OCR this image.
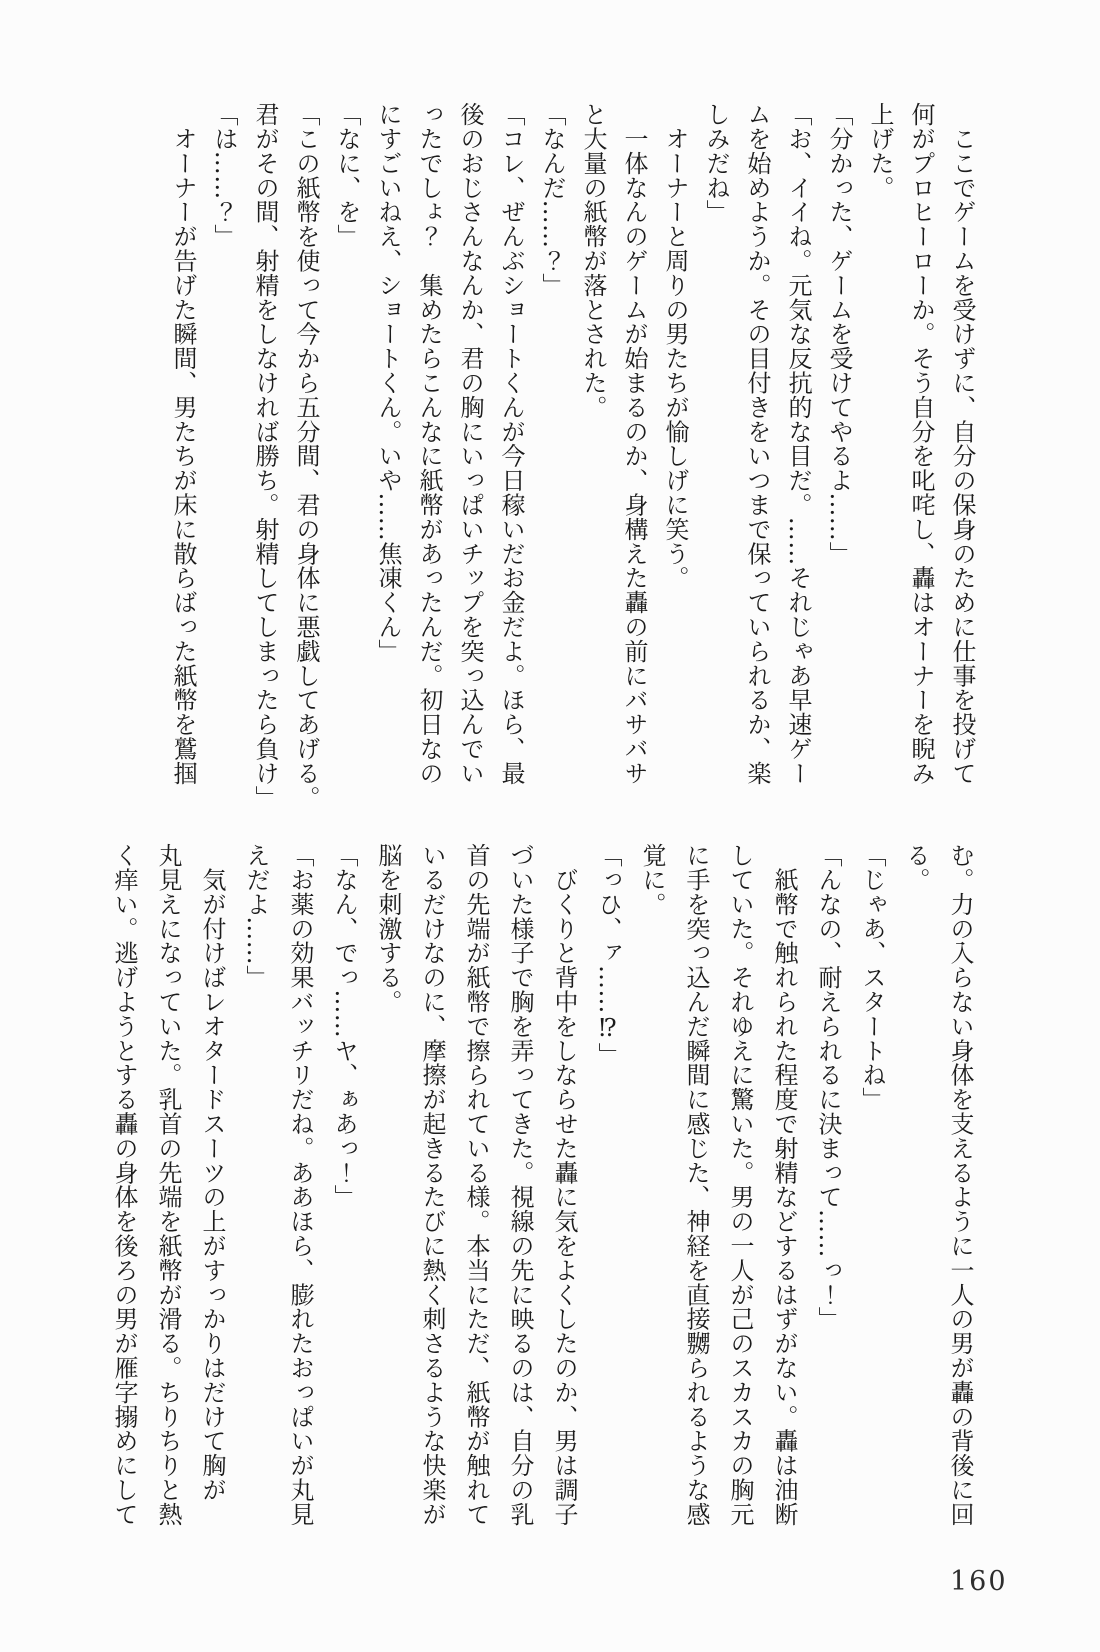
　ここでゲームを受けずに、自分の保身のために仕事を投げて
何がプロヒーローか。そう自分を叱咤し、轟はオーナーを睨み
上げた。
「分かった、ゲームを受けてやるよ……」
「お、イイね。元気な反抗的な目だ。……それじゃあ早速ゲー
ムを始めようか。その目付きをいつまで保っていられるか、楽
しみだね」
　オーナーと周りの男たちが愉しげに笑う。
　一体なんのゲームが始まるのか、身構えた轟の前にバサバサ
と大量の紙幣が落とされた。
「なんだ……？」
「コレ、ぜんぶショートくんが今日稼いだお金だよ。ほら、最
後のおじさんなんか、君の胸にいっぱいチップを突っ込んでい
ったでしょ？　集めたらこんなに紙幣があったんだ。初日なの
にすごいねえ、ショートくん。いや……焦凍くん」
「なに、を」
「この紙幣を使って今から五分間、君の身体に悪戯してあげる。
君がその間、射精をしなければ勝ち。射精してしまったら負け」
「は……？」
　オーナーが告げた瞬間、男たちが床に散らばった紙幣を鷲掴
む。力の入らない身体を支えるように一人の男が轟の背後に回
る。
「じゃあ、スタートね」
「んなの、耐えられるに決まって……っ！」
　紙幣で触れられた程度で射精などするはずがない。轟は油断
していた。それゆえに驚いた。男の一人が己のスカスカの胸元
に手を突っ込んだ瞬間に感じた、神経を直接嬲られるような感
覚に。
「っひ、ァ……⁉」
　びくりと背中をしならせた轟に気をよくしたのか、男は調子
づいた様子で胸を弄ってきた。視線の先に映るのは、自分の乳
首の先端が紙幣で擦られている様。本当にただ、紙幣が触れて
いるだけなのに、摩擦が起きるたびに熱く刺さるような快楽が
脳を刺激する。
「なん、でっ……ヤ、ぁあっ！」
「お薬の効果バッチリだね。ああほら、膨れたおっぱいが丸見
えだよ……」
　気が付けばレオタードスーツの上がすっかりはだけて胸が
丸見えになっていた。乳首の先端を紙幣が滑る。ちりちりと熱
く痒い。逃げようとする轟の身体を後ろの男が雁字搦めにして
160
